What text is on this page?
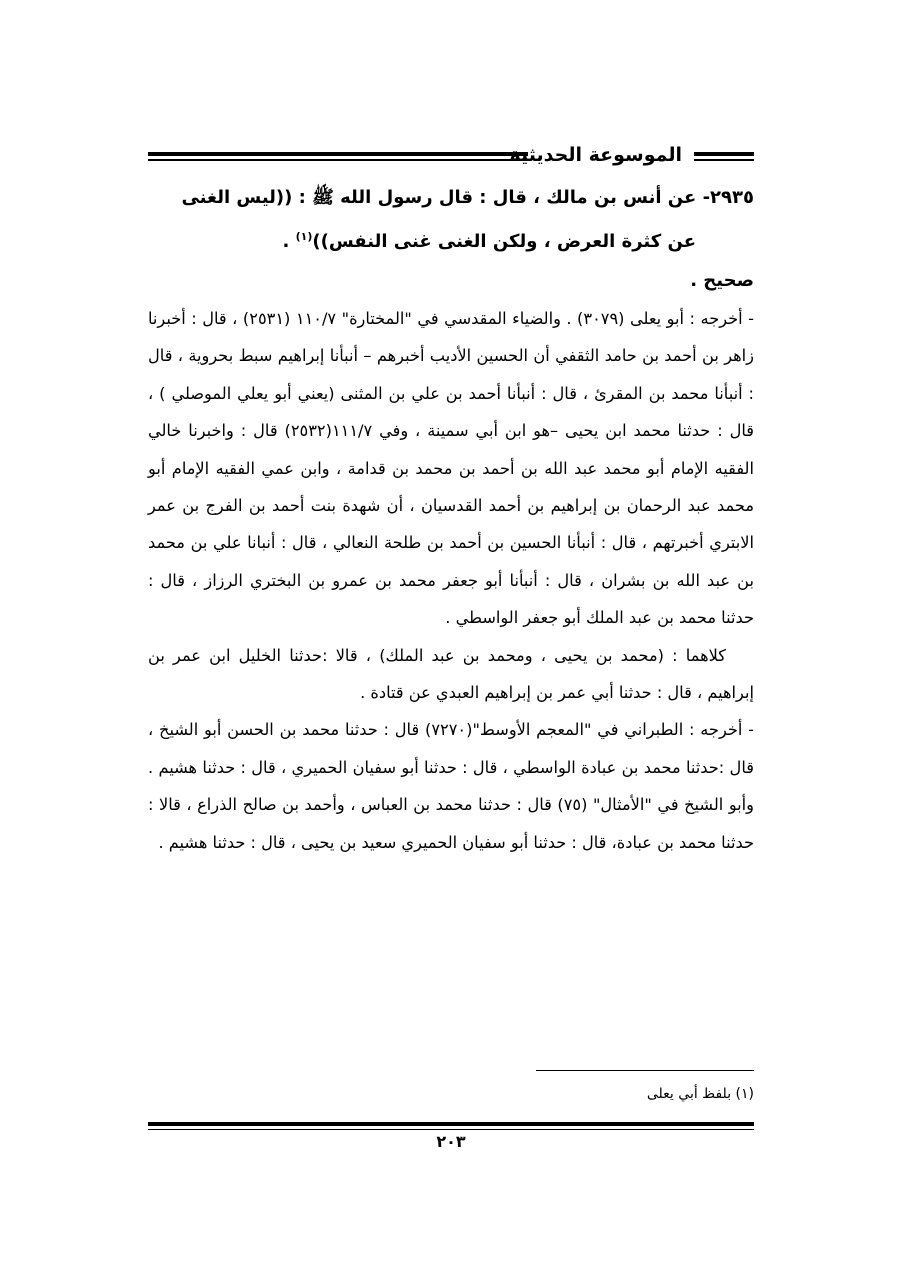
الموسوعة الحديثية

٢٩٣٥- عن أنس بن مالك ، قال : قال رسول الله ﷺ : ((ليس الغنى
عن كثرة العرض ، ولكن الغنى غنى النفس))$^{(١)}$ .

صحيح .

- أخرجه : أبو يعلى (٣٠٧٩) . والضياء المقدسي في "المختارة" ١١٠/٧ (٢٥٣١) ، قال : أخبرنا زاهر بن أحمد بن حامد الثقفي أن الحسين الأديب أخبرهم – أنبأنا إبراهيم سبط بحروية ، قال : أنبأنا محمد بن المقرئ ، قال : أنبأنا أحمد بن علي بن المثنى (يعني أبو يعلي الموصلي ) ، قال : حدثنا محمد ابن يحيى –هو ابن أبي سمينة ، وفي ١١١/٧(٢٥٣٢) قال : واخبرنا خالي الفقيه الإمام أبو محمد عبد الله بن أحمد بن محمد بن قدامة ، وابن عمي الفقيه الإمام أبو محمد عبد الرحمان بن إبراهيم بن أحمد القدسيان ، أن شهدة بنت أحمد بن الفرج بن عمر الابتري أخبرتهم ، قال : أنبأنا الحسين بن أحمد بن طلحة النعالي ، قال : أنبانا علي بن محمد بن عبد الله بن بشران ، قال : أنبأنا أبو جعفر محمد بن عمرو بن البختري الرزاز ، قال : حدثنا محمد بن عبد الملك أبو جعفر الواسطي .

كلاهما : (محمد بن يحيى ، ومحمد بن عبد الملك) ، قالا :حدثنا الخليل ابن عمر بن إبراهيم ، قال : حدثنا أبي عمر بن إبراهيم العبدي عن قتادة .

- أخرجه : الطبراني في "المعجم الأوسط"(٧٢٧٠) قال : حدثنا محمد بن الحسن أبو الشيخ ، قال :حدثنا محمد بن عبادة الواسطي ، قال : حدثنا أبو سفيان الحميري ، قال : حدثنا هشيم . وأبو الشيخ في "الأمثال" (٧٥) قال : حدثنا محمد بن العباس ، وأحمد بن صالح الذراع ، قالا : حدثنا محمد بن عبادة، قال : حدثنا أبو سفيان الحميري سعيد بن يحيى ، قال : حدثنا هشيم .

(١) بلفظ أبي يعلى
٢٠٣
